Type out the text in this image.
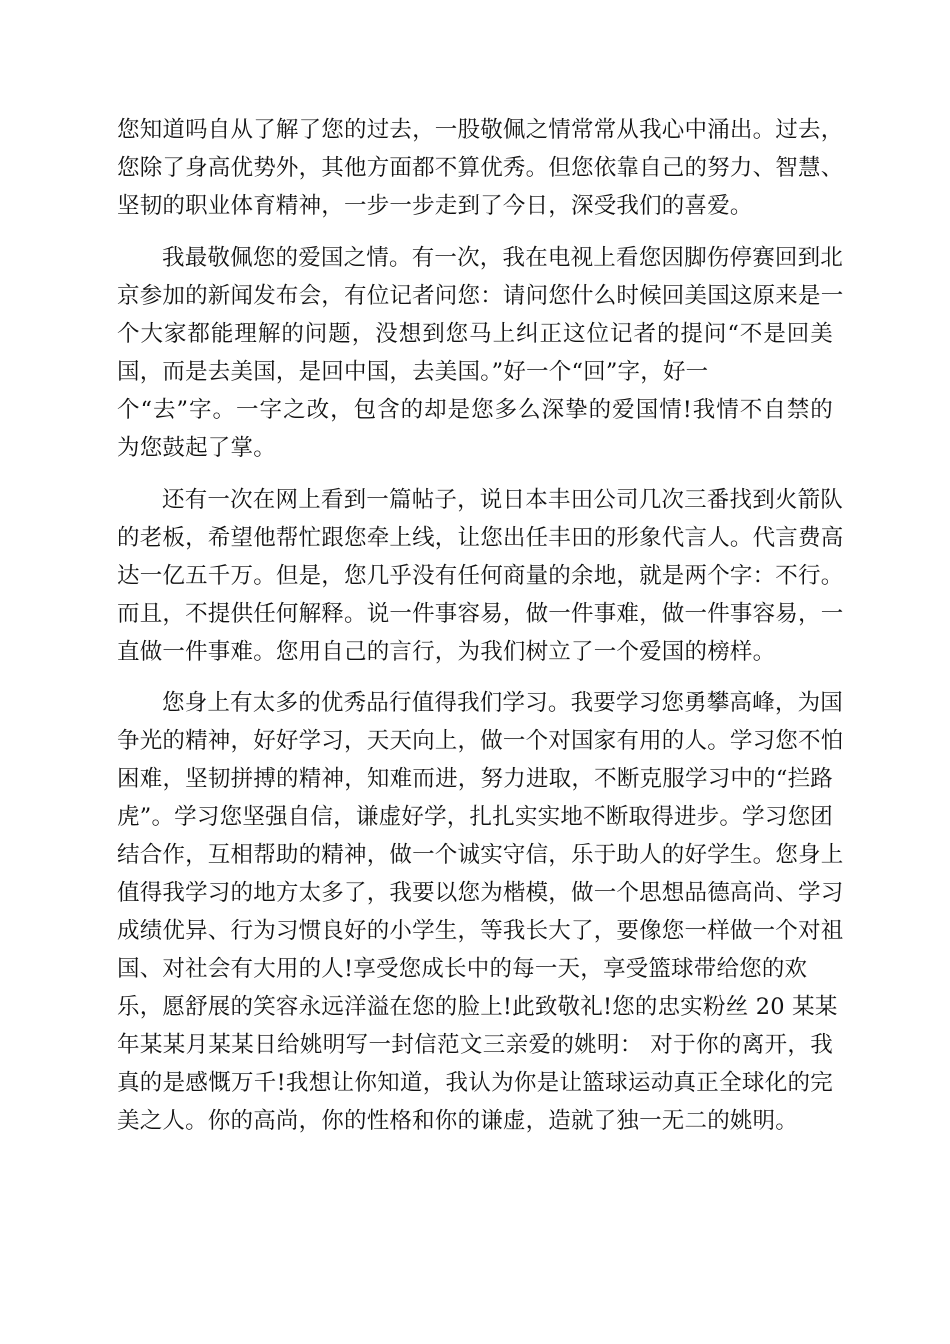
您知道吗自从了解了您的过去，一股敬佩之情常常从我心中涌出。过去，
您除了身高优势外，其他方面都不算优秀。但您依靠自己的努力、智慧、
坚韧的职业体育精神，一步一步走到了今日，深受我们的喜爱。
我最敬佩您的爱国之情。有一次，我在电视上看您因脚伤停赛回到北
京参加的新闻发布会，有位记者问您：请问您什么时候回美国这原来是一
个大家都能理解的问题，没想到您马上纠正这位记者的提问“不是回美
国，而是去美国，是回中国，去美国。”好一个“回”字，好一
个“去”字。一字之改，包含的却是您多么深挚的爱国情!我情不自禁的
为您鼓起了掌。
还有一次在网上看到一篇帖子，说日本丰田公司几次三番找到火箭队
的老板，希望他帮忙跟您牵上线，让您出任丰田的形象代言人。代言费高
达一亿五千万。但是，您几乎没有任何商量的余地，就是两个字：不行。
而且，不提供任何解释。说一件事容易，做一件事难，做一件事容易，一
直做一件事难。您用自己的言行，为我们树立了一个爱国的榜样。
您身上有太多的优秀品行值得我们学习。我要学习您勇攀高峰，为国
争光的精神，好好学习，天天向上，做一个对国家有用的人。学习您不怕
困难，坚韧拼搏的精神，知难而进，努力进取，不断克服学习中的“拦路
虎”。学习您坚强自信，谦虚好学，扎扎实实地不断取得进步。学习您团
结合作，互相帮助的精神，做一个诚实守信，乐于助人的好学生。您身上
值得我学习的地方太多了，我要以您为楷模，做一个思想品德高尚、学习
成绩优异、行为习惯良好的小学生，等我长大了，要像您一样做一个对祖
国、对社会有大用的人!享受您成长中的每一天，享受篮球带给您的欢
乐，愿舒展的笑容永远洋溢在您的脸上!此致敬礼!您的忠实粉丝 20 某某
年某某月某某日给姚明写一封信范文三亲爱的姚明： 对于你的离开，我
真的是感慨万千!我想让你知道，我认为你是让篮球运动真正全球化的完
美之人。你的高尚，你的性格和你的谦虚，造就了独一无二的姚明。
